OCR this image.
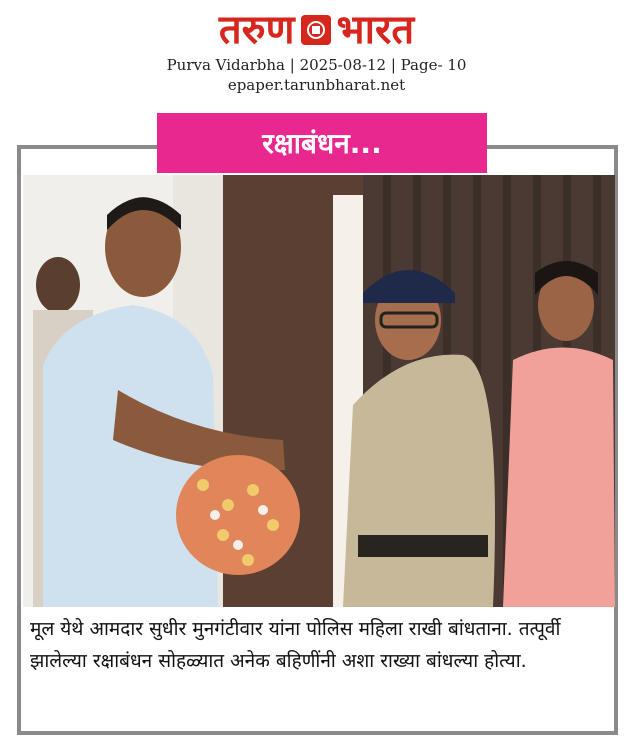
तरुण भारत
Purva Vidarbha | 2025-08-12 | Page- 10
epaper.tarunbharat.net
रक्षाबंधन...
मूल येथे आमदार सुधीर मुनगंटीवार यांना पोलिस महिला राखी बांधताना. तत्पूर्वी झालेल्या रक्षाबंधन सोहळ्यात अनेक बहिणींनी अशा राख्या बांधल्या होत्या.
